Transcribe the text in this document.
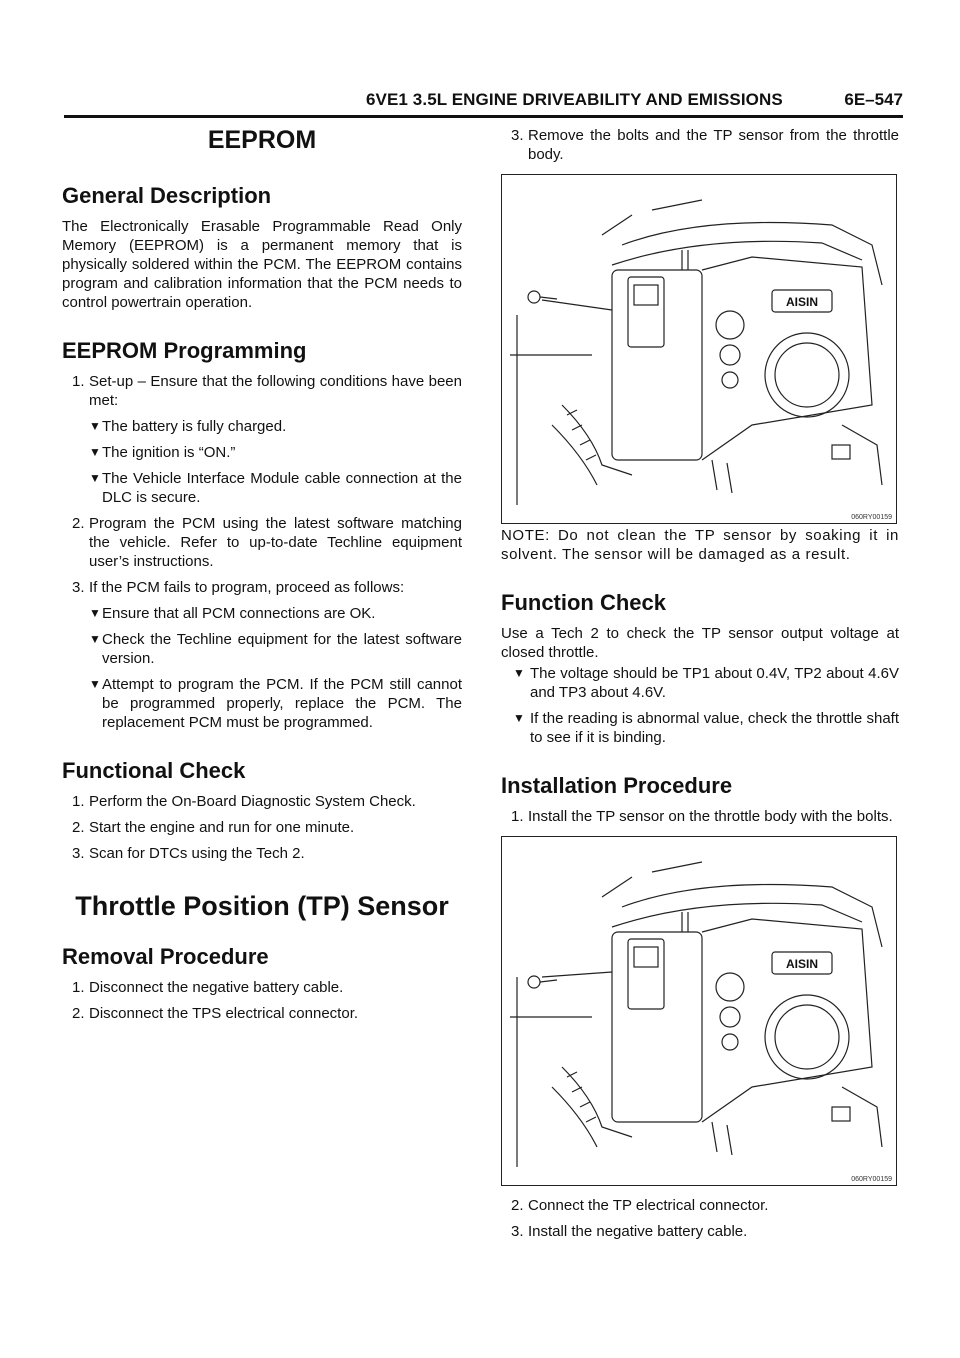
6VE1 3.5L ENGINE DRIVEABILITY AND EMISSIONS	6E–547
EEPROM
General Description

The Electronically Erasable Programmable Read Only Memory (EEPROM) is a permanent memory that is physically soldered within the PCM. The EEPROM contains program and calibration information that the PCM needs to control powertrain operation.

EEPROM Programming
1. Set-up – Ensure that the following conditions have been met:
▼ The battery is fully charged.
▼ The ignition is “ON.”
▼ The Vehicle Interface Module cable connection at the DLC is secure.
2. Program the PCM using the latest software matching the vehicle. Refer to up-to-date Techline equipment user’s instructions.
3. If the PCM fails to program, proceed as follows:
▼ Ensure that all PCM connections are OK.
▼ Check the Techline equipment for the latest software version.
▼ Attempt to program the PCM. If the PCM still cannot be programmed properly, replace the PCM. The replacement PCM must be programmed.
Functional Check
1. Perform the On-Board Diagnostic System Check.
2. Start the engine and run for one minute.
3. Scan for DTCs using the Tech 2.
Throttle Position (TP) Sensor
Removal Procedure
1. Disconnect the negative battery cable.
2. Disconnect the TPS electrical connector.
3. Remove the bolts and the TP sensor from the throttle body.
AISIN
060RY00159

NOTE: Do not clean the TP sensor by soaking it in solvent. The sensor will be damaged as a result.

Function Check

Use a Tech 2 to check the TP sensor output voltage at closed throttle.

▼ The voltage should be TP1 about 0.4V, TP2 about 4.6V and TP3 about 4.6V.
▼ If the reading is abnormal value, check the throttle shaft to see if it is binding.
Installation Procedure
1. Install the TP sensor on the throttle body with the bolts.
AISIN
060RY00159
2. Connect the TP electrical connector.
3. Install the negative battery cable.
